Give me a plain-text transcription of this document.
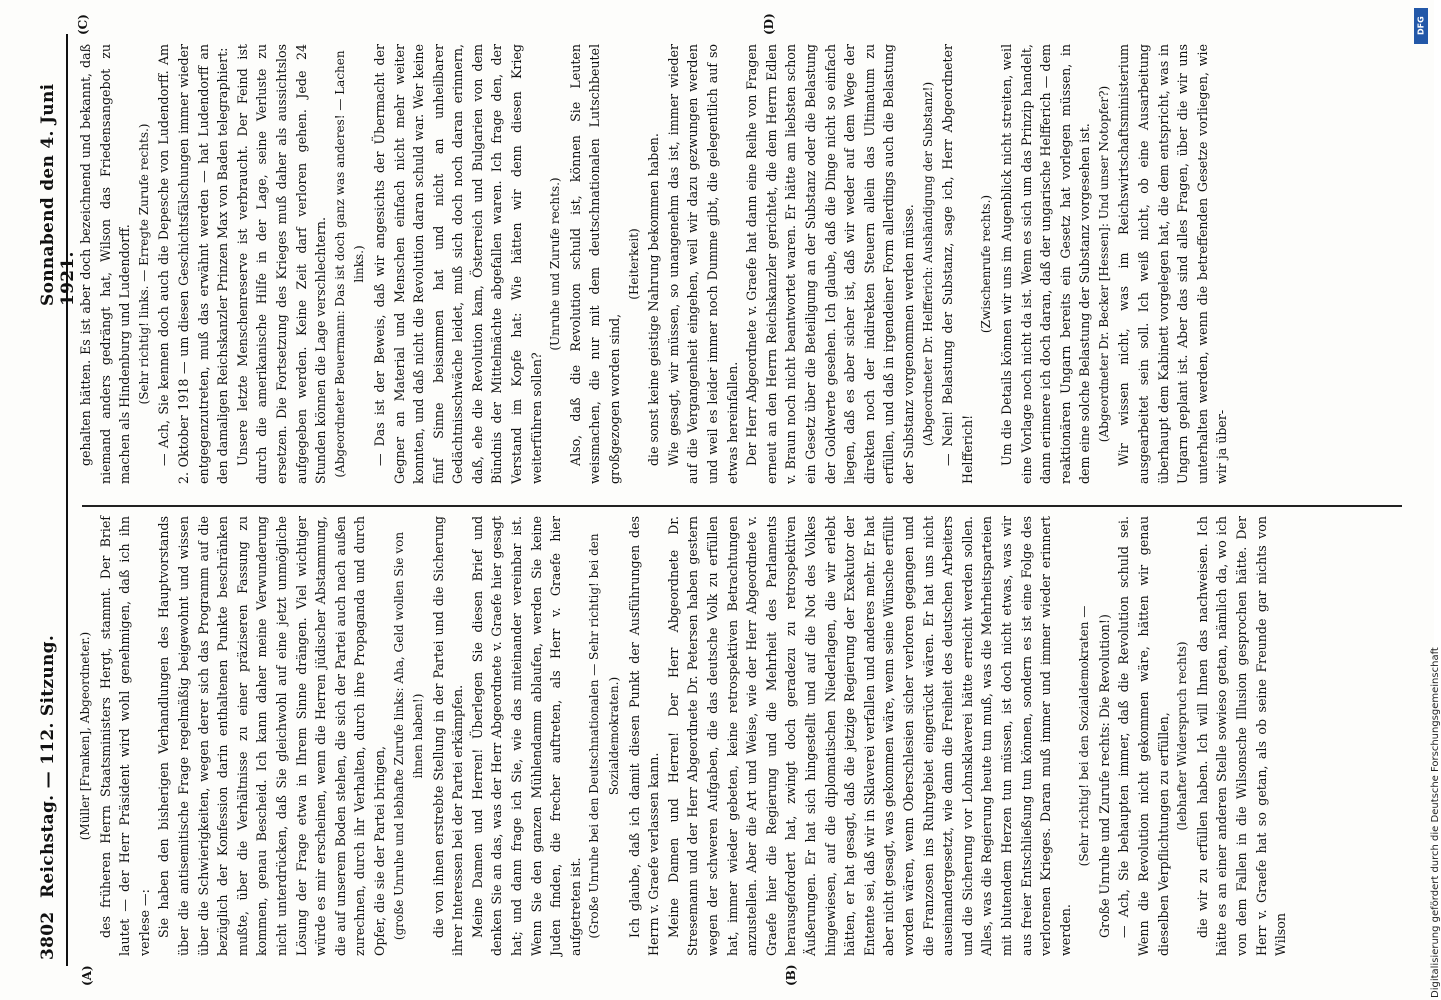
3802
Reichstag. — 112. Sitzung.
Sonnabend den 4. Juni 1921.
(A)	(B)
(C)	(D)

(Müller [Franken], Abgeordneter.) des früheren Herrn Staatsministers Hergt, stammt. Der Brief lautet — der Herr Präsident wird wohl genehmigen, daß ich ihn verlese —: Sie haben den bisherigen Verhandlungen des Hauptvorstands über die antisemitische Frage regelmäßig beigewohnt und wissen über die Schwierigkeiten, wegen derer sich das Programm auf die bezüglich der Konfession darin enthaltenen Punkte beschränken mußte, über die Verhältnisse zu einer präziseren Fassung zu kommen, genau Bescheid. Ich kann daher meine Verwunderung nicht unterdrücken, daß Sie gleichwohl auf eine jetzt unmögliche Lösung der Frage etwa in Ihrem Sinne drängen. Viel wichtiger würde es mir erscheinen, wenn die Herren jüdischer Abstammung, die auf unserem Boden stehen, die sich der Partei auch nach außen zurechnen, durch ihr Verhalten, durch ihre Propaganda und durch Opfer, die sie der Partei bringen, (große Unruhe und lebhafte Zurufe links: Aha, Geld wollen Sie von ihnen haben!) die von ihnen erstrebte Stellung in der Partei und die Sicherung ihrer Interessen bei der Partei erkämpfen. Meine Damen und Herren! Überlegen Sie diesen Brief und denken Sie an das, was der Herr Abgeordnete v. Graefe hier gesagt hat; und dann frage ich Sie, wie das miteinander vereinbar ist. Wenn Sie den ganzen Mühlendamm ablaufen, werden Sie keine Juden finden, die frecher auftreten, als Herr v. Graefe hier aufgetreten ist. (Große Unruhe bei den Deutschnationalen — Sehr richtig! bei den Sozialdemokraten.) Ich glaube, daß ich damit diesen Punkt der Ausführungen des Herrn v. Graefe verlassen kann. Meine Damen und Herren! Der Herr Abgeordnete Dr. Stresemann und der Herr Abgeordnete Dr. Petersen haben gestern wegen der schweren Aufgaben, die das deutsche Volk zu erfüllen hat, immer wieder gebeten, keine retrospektiven Betrachtungen anzustellen. Aber die Art und Weise, wie der Herr Abgeordnete v. Graefe hier die Regierung und die Mehrheit des Parlaments herausgefordert hat, zwingt doch geradezu zu retrospektiven Äußerungen. Er hat sich hingestellt und auf die Not des Volkes hingewiesen, auf die diplomatischen Niederlagen, die wir erlebt hätten, er hat gesagt, daß die jetzige Regierung der Exekutor der Entente sei, daß wir in Sklaverei verfallen und anderes mehr. Er hat aber nicht gesagt, was gekommen wäre, wenn seine Wünsche erfüllt worden wären, wenn Oberschlesien sicher verloren gegangen und die Franzosen ins Ruhrgebiet eingerückt wären. Er hat uns nicht auseinandergesetzt, wie dann die Freiheit des deutschen Arbeiters und die Sicherung vor Lohnsklaverei hätte erreicht werden sollen. Alles, was die Regierung heute tun muß, was die Mehrheitsparteien mit blutendem Herzen tun müssen, ist doch nicht etwas, was wir aus freier Entschließung tun können, sondern es ist eine Folge des verlorenen Krieges. Daran muß immer und immer wieder erinnert werden.

(Sehr richtig! bei den Sozialdemokraten — Große Unruhe und Zurufe rechts: Die Revolution!) — Ach, Sie behaupten immer, daß die Revolution schuld sei. Wenn die Revolution nicht gekommen wäre, hätten wir genau dieselben Verpflichtungen zu erfüllen, (lebhafter Widerspruch rechts) die wir zu erfüllen haben. Ich will Ihnen das nachweisen. Ich hätte es an einer anderen Stelle sowieso getan, nämlich da, wo ich von dem Fallen in die Wilsonsche Illusion gesprochen hätte. Der Herr v. Graefe hat so getan, als ob seine Freunde gar nichts von Wilson

gehalten hätten. Es ist aber doch bezeichnend und bekannt, daß niemand anders gedrängt hat, Wilson das Friedensangebot zu machen als Hindenburg und Ludendorff. (Sehr richtig! links. — Erregte Zurufe rechts.) — Ach, Sie kennen doch auch die Depesche von Ludendorff. Am 2. Oktober 1918 — um diesen Geschichtsfälschungen immer wieder entgegenzutreten, muß das erwähnt werden — hat Ludendorff an den damaligen Reichskanzler Prinzen Max von Baden telegraphiert: Unsere letzte Menschenreserve ist verbraucht. Der Feind ist durch die amerikanische Hilfe in der Lage, seine Verluste zu ersetzen. Die Fortsetzung des Krieges muß daher als aussichtslos aufgegeben werden. Keine Zeit darf verloren gehen. Jede 24 Stunden können die Lage verschlechtern. (Abgeordneter Beuermann: Das ist doch ganz was anderes! — Lachen links.) — Das ist der Beweis, daß wir angesichts der Übermacht der Gegner an Material und Menschen einfach nicht mehr weiter konnten, und daß nicht die Revolution daran schuld war. Wer keine fünf Sinne beisammen hat und nicht an unheilbarer Gedächtnisschwäche leidet, muß sich doch noch daran erinnern, daß, ehe die Revolution kam, Österreich und Bulgarien von dem Bündnis der Mittelmächte abgefallen waren. Ich frage den, der Verstand im Kopfe hat: Wie hätten wir denn diesen Krieg weiterführen sollen?

(Unruhe und Zurufe rechts.) Also, daß die Revolution schuld ist, können Sie Leuten weismachen, die nur mit dem deutschnationalen Lutschbeutel großgezogen worden sind,

(Heiterkeit) die sonst keine geistige Nahrung bekommen haben. Wie gesagt, wir müssen, so unangenehm das ist, immer wieder auf die Vergangenheit eingehen, weil wir dazu gezwungen werden und weil es leider immer noch Dumme gibt, die gelegentlich auf so etwas hereinfallen. Der Herr Abgeordnete v. Graefe hat dann eine Reihe von Fragen erneut an den Herrn Reichskanzler gerichtet, die dem Herrn Edlen v. Braun noch nicht beantwortet waren. Er hätte am liebsten schon ein Gesetz über die Beteiligung an der Substanz oder die Belastung der Goldwerte gesehen. Ich glaube, daß die Dinge nicht so einfach liegen, daß es aber sicher ist, daß wir weder auf dem Wege der direkten noch der indirekten Steuern allein das Ultimatum zu erfüllen, und daß in irgendeiner Form allerdings auch die Belastung der Substanz vorgenommen werden müsse. (Abgeordneter Dr. Helfferich: Aushändigung der Substanz!) — Nein! Belastung der Substanz, sage ich, Herr Abgeordneter Helfferich!

(Zwischenrufe rechts.) Um die Details können wir uns im Augenblick nicht streiten, weil eine Vorlage noch nicht da ist. Wenn es sich um das Prinzip handelt, dann erinnere ich doch daran, daß der ungarische Helfferich — dem reaktionären Ungarn bereits ein Gesetz hat vorlegen müssen, in dem eine solche Belastung der Substanz vorgesehen ist. (Abgeordneter Dr. Becker [Hessen]: Und unser Notopfer?) Wir wissen nicht, was im Reichswirtschaftsministerium ausgearbeitet sein soll. Ich weiß nicht, ob eine Ausarbeitung überhaupt dem Kabinett vorgelegen hat, die dem entspricht, was in Ungarn geplant ist. Aber das sind alles Fragen, über die wir uns unterhalten werden, wenn die betreffenden Gesetze vorliegen, wie wir ja über-

DFG
Digitalisierung gefördert durch die Deutsche Forschungsgemeinschaft
